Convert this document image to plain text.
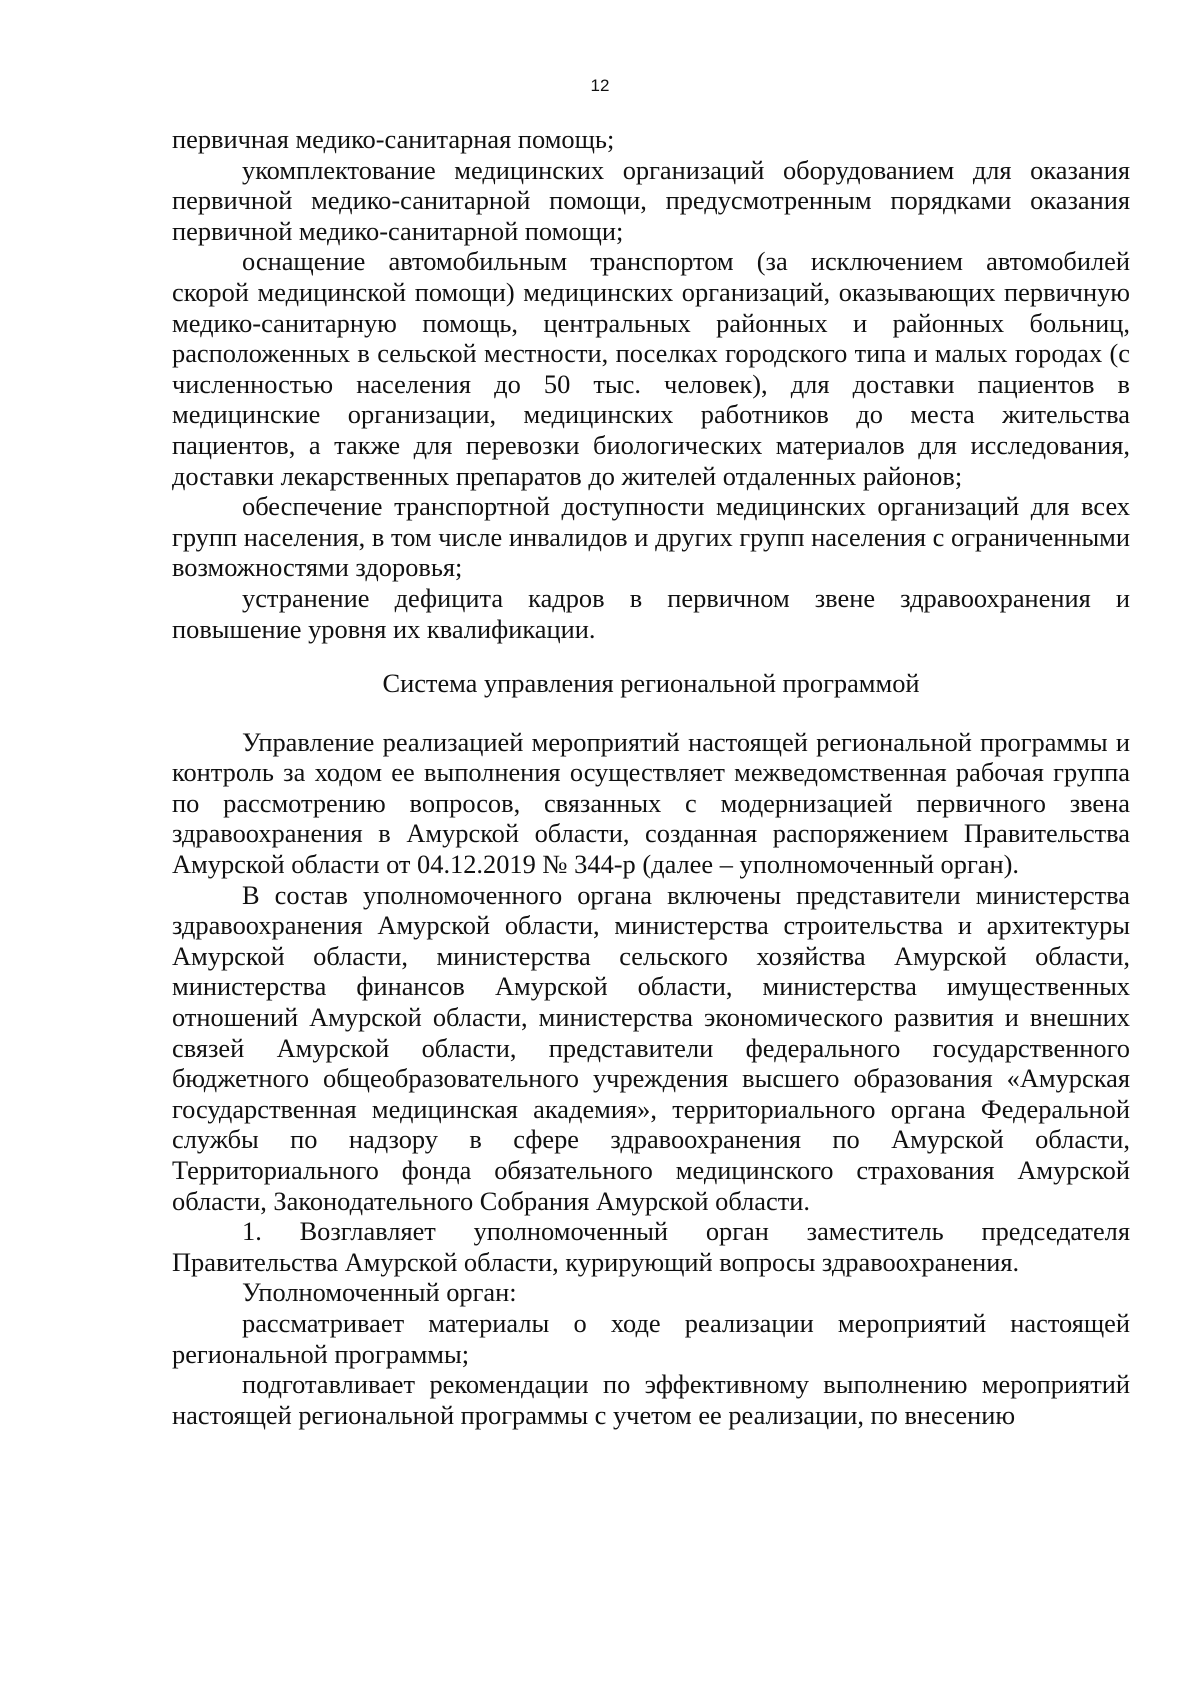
12

первичная медико-санитарная помощь;

укомплектование медицинских организаций оборудованием для оказания первичной медико-санитарной помощи, предусмотренным порядками оказания первичной медико-санитарной помощи;

оснащение автомобильным транспортом (за исключением автомобилей скорой медицинской помощи) медицинских организаций, оказывающих первичную медико-санитарную помощь, центральных районных и районных больниц, расположенных в сельской местности, поселках городского типа и малых городах (с численностью населения до 50 тыс. человек), для доставки пациентов в медицинские организации, медицинских работников до места жительства пациентов, а также для перевозки биологических материалов для исследования, доставки лекарственных препаратов до жителей отдаленных районов;

обеспечение транспортной доступности медицинских организаций для всех групп населения, в том числе инвалидов и других групп населения с ограниченными возможностями здоровья;

устранение дефицита кадров в первичном звене здравоохранения и повышение уровня их квалификации.

Система управления региональной программой

Управление реализацией мероприятий настоящей региональной программы и контроль за ходом ее выполнения осуществляет межведомственная рабочая группа по рассмотрению вопросов, связанных с модернизацией первичного звена здравоохранения в Амурской области, созданная распоряжением Правительства Амурской области от 04.12.2019 № 344-р (далее – уполномоченный орган).

В состав уполномоченного органа включены представители министерства здравоохранения Амурской области, министерства строительства и архитектуры Амурской области, министерства сельского хозяйства Амурской области, министерства финансов Амурской области, министерства имущественных отношений Амурской области, министерства экономического развития и внешних связей Амурской области, представители федерального государственного бюджетного общеобразовательного учреждения высшего образования «Амурская государственная медицинская академия», территориального органа Федеральной службы по надзору в сфере здравоохранения по Амурской области, Территориального фонда обязательного медицинского страхования Амурской области, Законодательного Собрания Амурской области.

1. Возглавляет уполномоченный орган заместитель председателя Правительства Амурской области, курирующий вопросы здравоохранения.

Уполномоченный орган:

рассматривает материалы о ходе реализации мероприятий настоящей региональной программы;

подготавливает рекомендации по эффективному выполнению мероприятий настоящей региональной программы с учетом ее реализации, по внесению
